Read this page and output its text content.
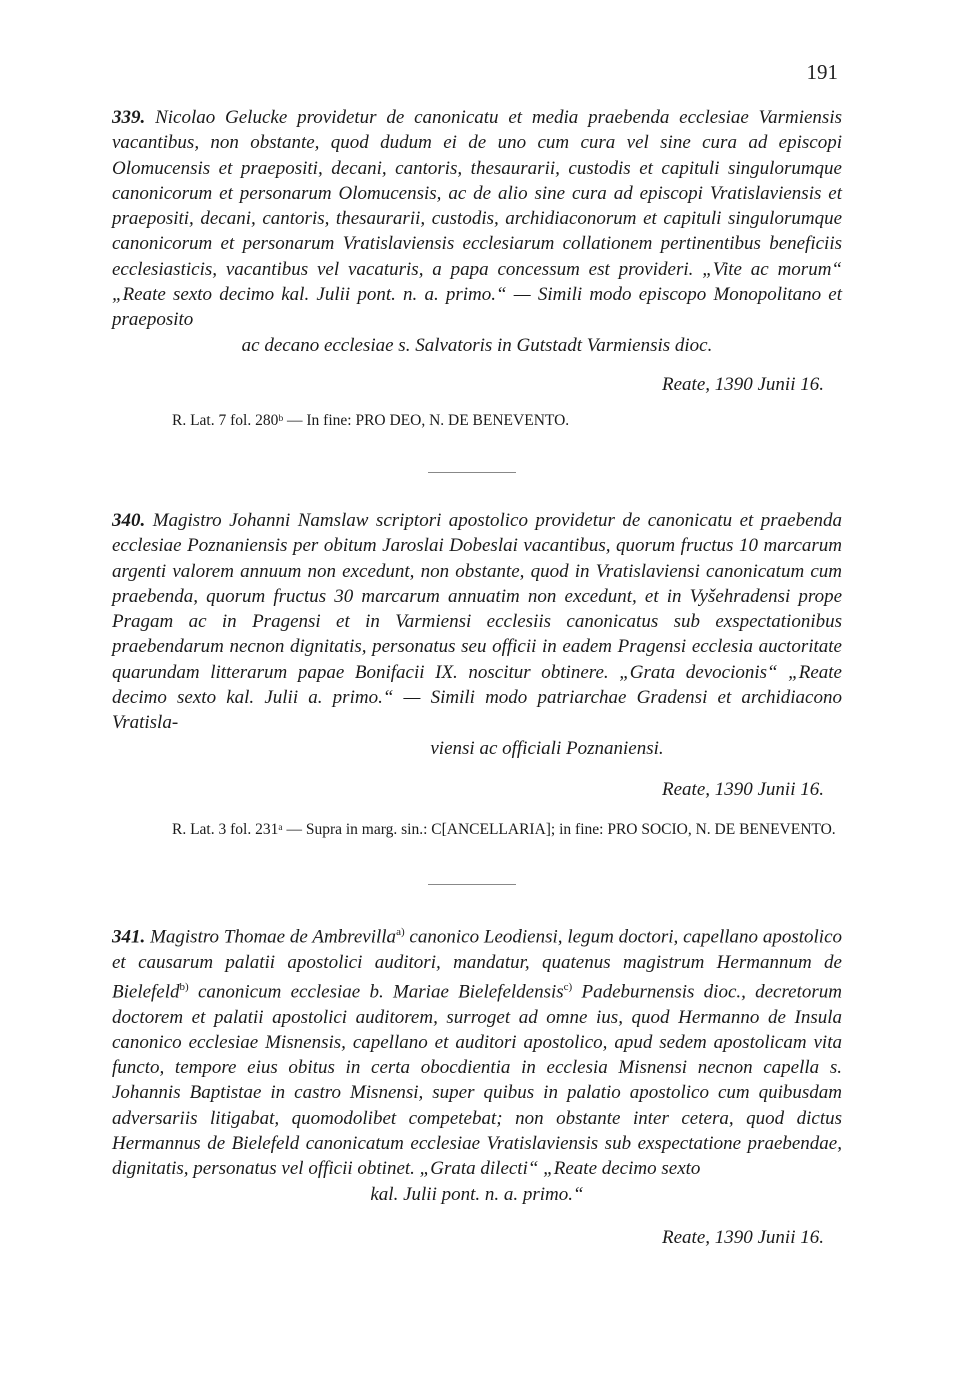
191

339. Nicolao Gelucke providetur de canonicatu et media praebenda ecclesiae Varmiensis vacantibus, non obstante, quod dudum ei de uno cum cura vel sine cura ad episcopi Olomucensis et praepositi, decani, cantoris, thesaurarii, custodis et capituli singulorumque canonicorum et personarum Olomucensis, ac de alio sine cura ad episcopi Vratislaviensis et praepositi, decani, cantoris, thesaurarii, custodis, archidiaconorum et capituli singulorumque canonicorum et personarum Vratislaviensis ecclesiarum collationem pertinentibus beneficiis ecclesiasticis, vacantibus vel vacaturis, a papa concessum est provideri. „Vite ac morum“ „Reate sexto decimo kal. Julii pont. n. a. primo.“ — Simili modo episcopo Monopolitano et praeposito

ac decano ecclesiae s. Salvatoris in Gutstadt Varmiensis dioc.

Reate, 1390 Junii 16.

R. Lat. 7 fol. 280ᵇ — In fine: PRO DEO, N. DE BENEVENTO.

340. Magistro Johanni Namslaw scriptori apostolico providetur de canonicatu et praebenda ecclesiae Poznaniensis per obitum Jaroslai Dobeslai vacantibus, quorum fructus 10 marcarum argenti valorem annuum non excedunt, non obstante, quod in Vratislaviensi canonicatum cum praebenda, quorum fructus 30 marcarum annuatim non excedunt, et in Vyšehradensi prope Pragam ac in Pragensi et in Varmiensi ecclesiis canonicatus sub exspectationibus praebendarum necnon dignitatis, personatus seu officii in eadem Pragensi ecclesia auctoritate quarundam litterarum papae Bonifacii IX. noscitur obtinere. „Grata devocionis“ „Reate decimo sexto kal. Julii a. primo.“ — Simili modo patriarchae Gradensi et archidiacono Vratisla-

viensi ac officiali Poznaniensi.

Reate, 1390 Junii 16.

R. Lat. 3 fol. 231ᵃ — Supra in marg. sin.: C[ANCELLARIA]; in fine: PRO SOCIO, N. DE BENEVENTO.

341. Magistro Thomae de Ambrevilla$^{a)}$ canonico Leodiensi, legum doctori, capellano apostolico et causarum palatii apostolici auditori, mandatur, quatenus magistrum Hermannum de Bielefeld$^{b)}$ canonicum ecclesiae b. Mariae Bielefeldensis$^{c)}$ Padeburnensis dioc., decretorum doctorem et palatii apostolici auditorem, surroget ad omne ius, quod Hermanno de Insula canonico ecclesiae Misnensis, capellano et auditori apostolico, apud sedem apostolicam vita functo, tempore eius obitus in certa obocdientia in ecclesia Misnensi necnon capella s. Johannis Baptistae in castro Misnensi, super quibus in palatio apostolico cum quibusdam adversariis litigabat, quomodolibet competebat; non obstante inter cetera, quod dictus Hermannus de Bielefeld canonicatum ecclesiae Vratislaviensis sub exspectatione praebendae, dignitatis, personatus vel officii obtinet. „Grata dilecti“ „Reate decimo sexto

kal. Julii pont. n. a. primo.“

Reate, 1390 Junii 16.
